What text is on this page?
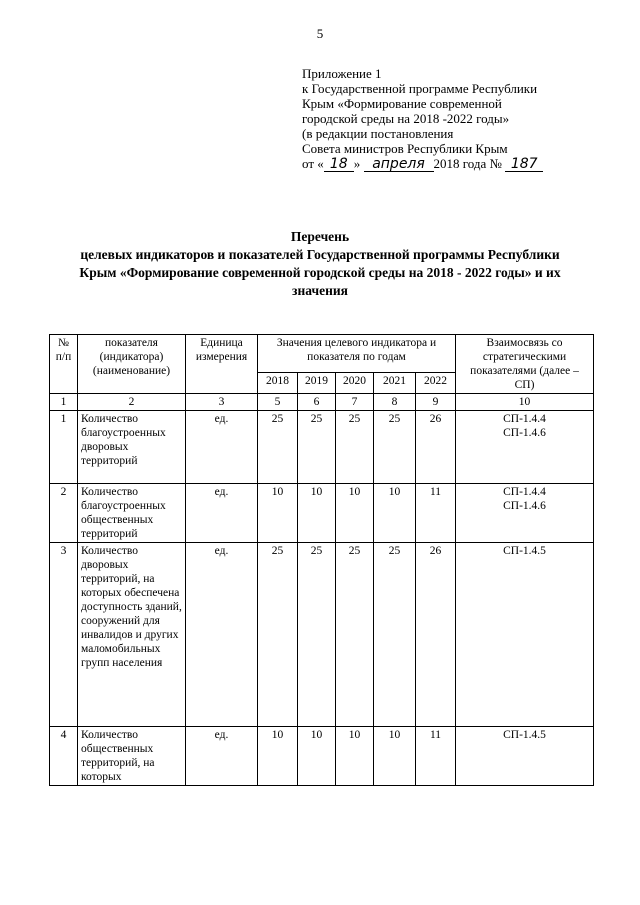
5
Приложение 1
к Государственной программе Республики
Крым «Формирование современной
городской среды на 2018 -2022 годы»
(в редакции постановления
Совета министров Республики Крым
от « 18 » апреля 2018 года № 187
Перечень
целевых индикаторов и показателей Государственной программы Республики
Крым «Формирование современной городской среды на 2018 - 2022 годы» и их
значения
№ п/п	показателя (индикатора) (наименование)	Единица измерения	Значения целевого индикатора и показателя по годам					Взаимосвязь со стратегическими показателями (далее – СП)
			2018	2019	2020	2021	2022	
1	2	3	5	6	7	8	9	10
1	Количество благоустроенных дворовых территорий	ед.	25	25	25	25	26	СП-1.4.4
СП-1.4.6

2	Количество благоустроенных общественных территорий	ед.	10	10	10	10	11	СП-1.4.4
СП-1.4.6

3	Количество дворовых территорий, на которых обеспечена доступность зданий, сооружений для инвалидов и других маломобильных групп населения	ед.	25	25	25	25	26	СП-1.4.5

4	Количество общественных территорий, на которых	ед.	10	10	10	10	11	СП-1.4.5
